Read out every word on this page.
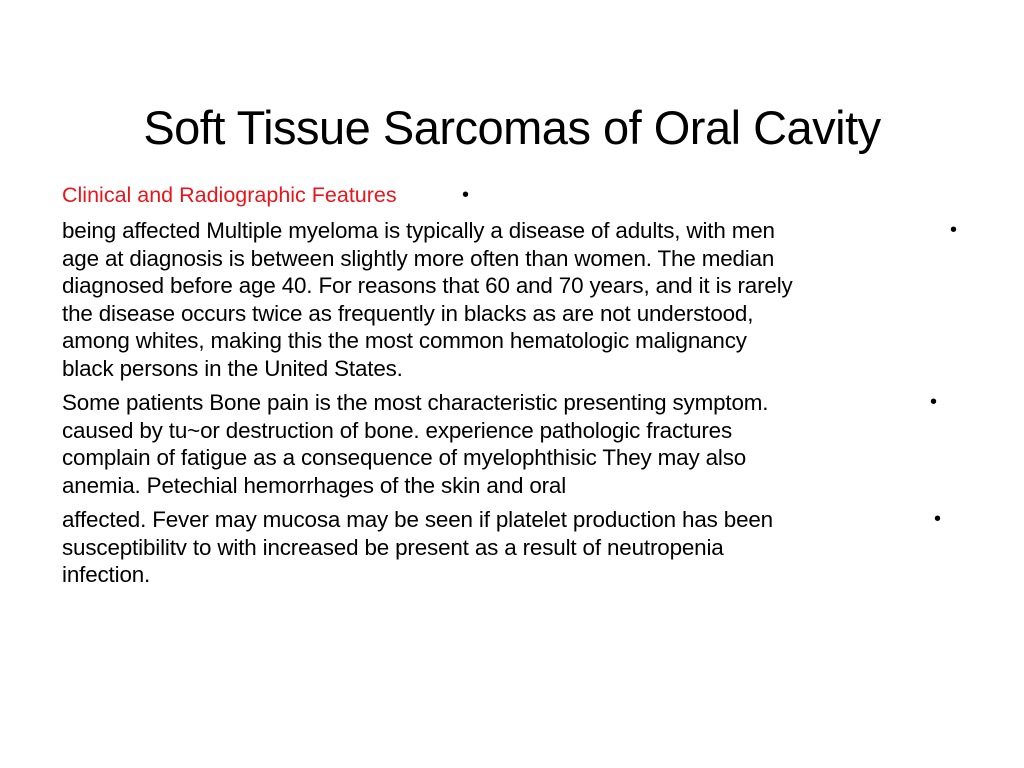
Soft Tissue Sarcomas of Oral Cavity
Clinical and Radiographic Features	•
being affected Multiple myeloma is typically a disease of adults, with men
age at diagnosis is between slightly more often than women. The median
diagnosed before age 40. For reasons that 60 and 70 years, and it is rarely
the disease occurs twice as frequently in blacks as are not understood,
among whites, making this the most common hematologic malignancy
black persons in the United States.
•
Some patients Bone pain is the most characteristic presenting symptom.
caused by tu~or destruction of bone. experience pathologic fractures
complain of fatigue as a consequence of myelophthisic They may also
anemia. Petechial hemorrhages of the skin and oral
•
affected. Fever may mucosa may be seen if platelet production has been
susceptibilitv to with increased be present as a result of neutropenia
infection.
•
